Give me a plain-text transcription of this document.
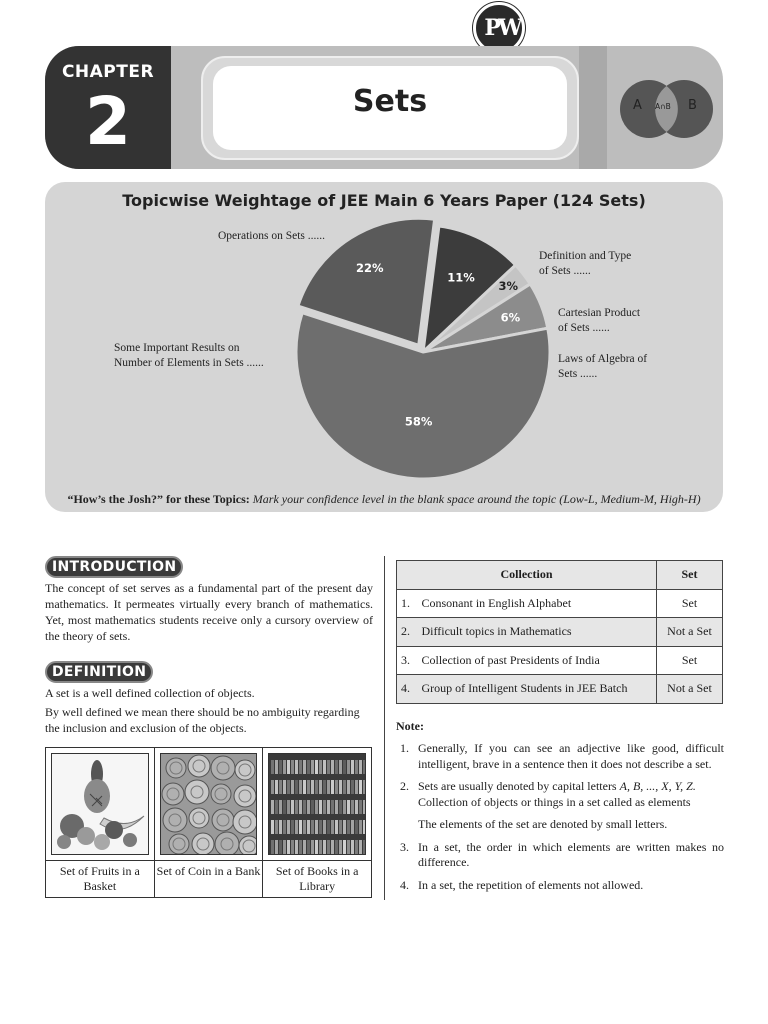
PW
CHAPTER
2	Sets	A A∩B B
Topicwise Weightage of JEE Main 6 Years Paper (124 Sets)
22%
11%
3%
6%
58%
Operations on Sets ......
Definition and Type
of Sets ......
Cartesian Product
of Sets ......
Laws of Algebra of
Sets ......
Some Important Results on
Number of Elements in Sets ......
“How’s the Josh?” for these Topics: Mark your confidence level in the blank space around the topic (Low-L, Medium-M, High-H)
INTRODUCTION
The concept of set serves as a fundamental part of the present day mathematics. It permeates virtually every branch of mathematics. Yet, most mathematics students receive only a cursory overview of the theory of sets.
DEFINITION
A set is a well defined collection of objects.
By well defined we mean there should be no ambiguity regarding the inclusion and exclusion of the objects.
Set of Fruits in a Basket
Set of Coin in a Bank	Set of Books in a Library
Collection		Set
1.	Consonant in English Alphabet	Set
2.	Difficult topics in Mathematics	Not a Set
3.	Collection of past Presidents of India	Set
4.	Group of Intelligent Students in JEE Batch	Not a Set
Note:
1. Generally, If you can see an adjective like good, difficult intelligent, brave in a sentence then it does not describe a set.
2. Sets are usually denoted by capital letters A, B, ..., X, Y, Z.
Collection of objects or things in a set called as elements
The elements of the set are denoted by small letters.
3. In a set, the order in which elements are written makes no difference.
4. In a set, the repetition of elements not allowed.
